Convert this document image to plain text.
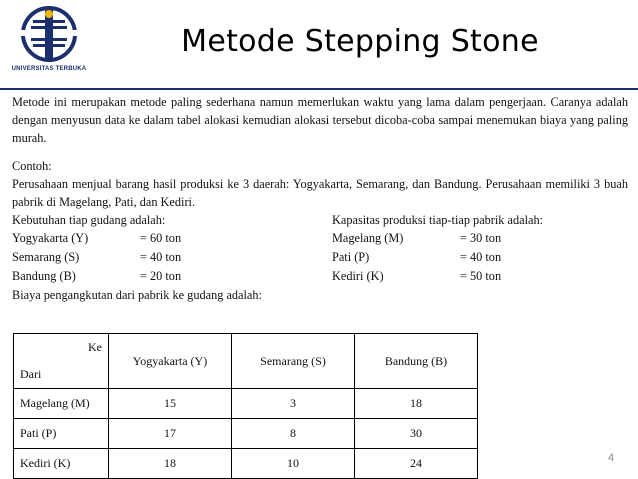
UNIVERSITAS TERBUKA
Metode Stepping Stone

Metode ini merupakan metode paling sederhana namun memerlukan waktu yang lama dalam pengerjaan. Caranya adalah dengan menyusun data ke dalam tabel alokasi kemudian alokasi tersebut dicoba-coba sampai menemukan biaya yang paling murah.

Contoh:

Perusahaan menjual barang hasil produksi ke 3 daerah: Yogyakarta, Semarang, dan Bandung. Perusahaan memiliki 3 buah pabrik di Magelang, Pati, dan Kediri.

Kebutuhan tiap gudang adalah:	Kapasitas produksi tiap-tiap pabrik adalah:
Yogyakarta (Y)	= 60 ton	Magelang (M)	= 30 ton
Semarang (S)	= 40 ton	Pati (P)	= 40 ton
Bandung (B)	= 20 ton	Kediri (K)	= 50 ton
Biaya pengangkutan dari pabrik ke gudang adalah:
Ke
Dari	Yogyakarta (Y)	Semarang (S)	Bandung (B)
Magelang (M)	15	3	18
Pati (P)	17	8	30
Kediri (K)	18	10	24	4
